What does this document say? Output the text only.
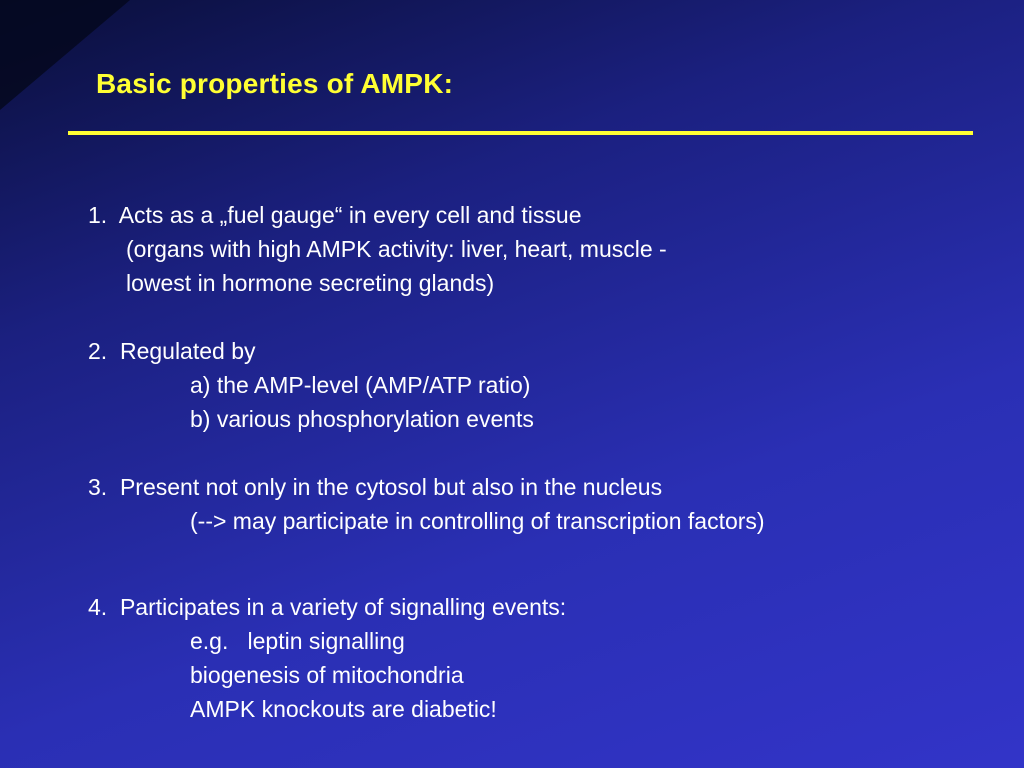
Basic properties of AMPK:
1.  Acts as a „fuel gauge“ in every cell and tissue
(organs with high AMPK activity: liver, heart, muscle -
lowest in hormone secreting glands)
2.  Regulated by
a) the AMP-level (AMP/ATP ratio)
b) various phosphorylation events
3.  Present not only in the cytosol but also in the nucleus
(--> may participate in controlling of transcription factors)
4.  Participates in a variety of signalling events:
e.g.   leptin signalling
biogenesis of mitochondria
AMPK knockouts are diabetic!
